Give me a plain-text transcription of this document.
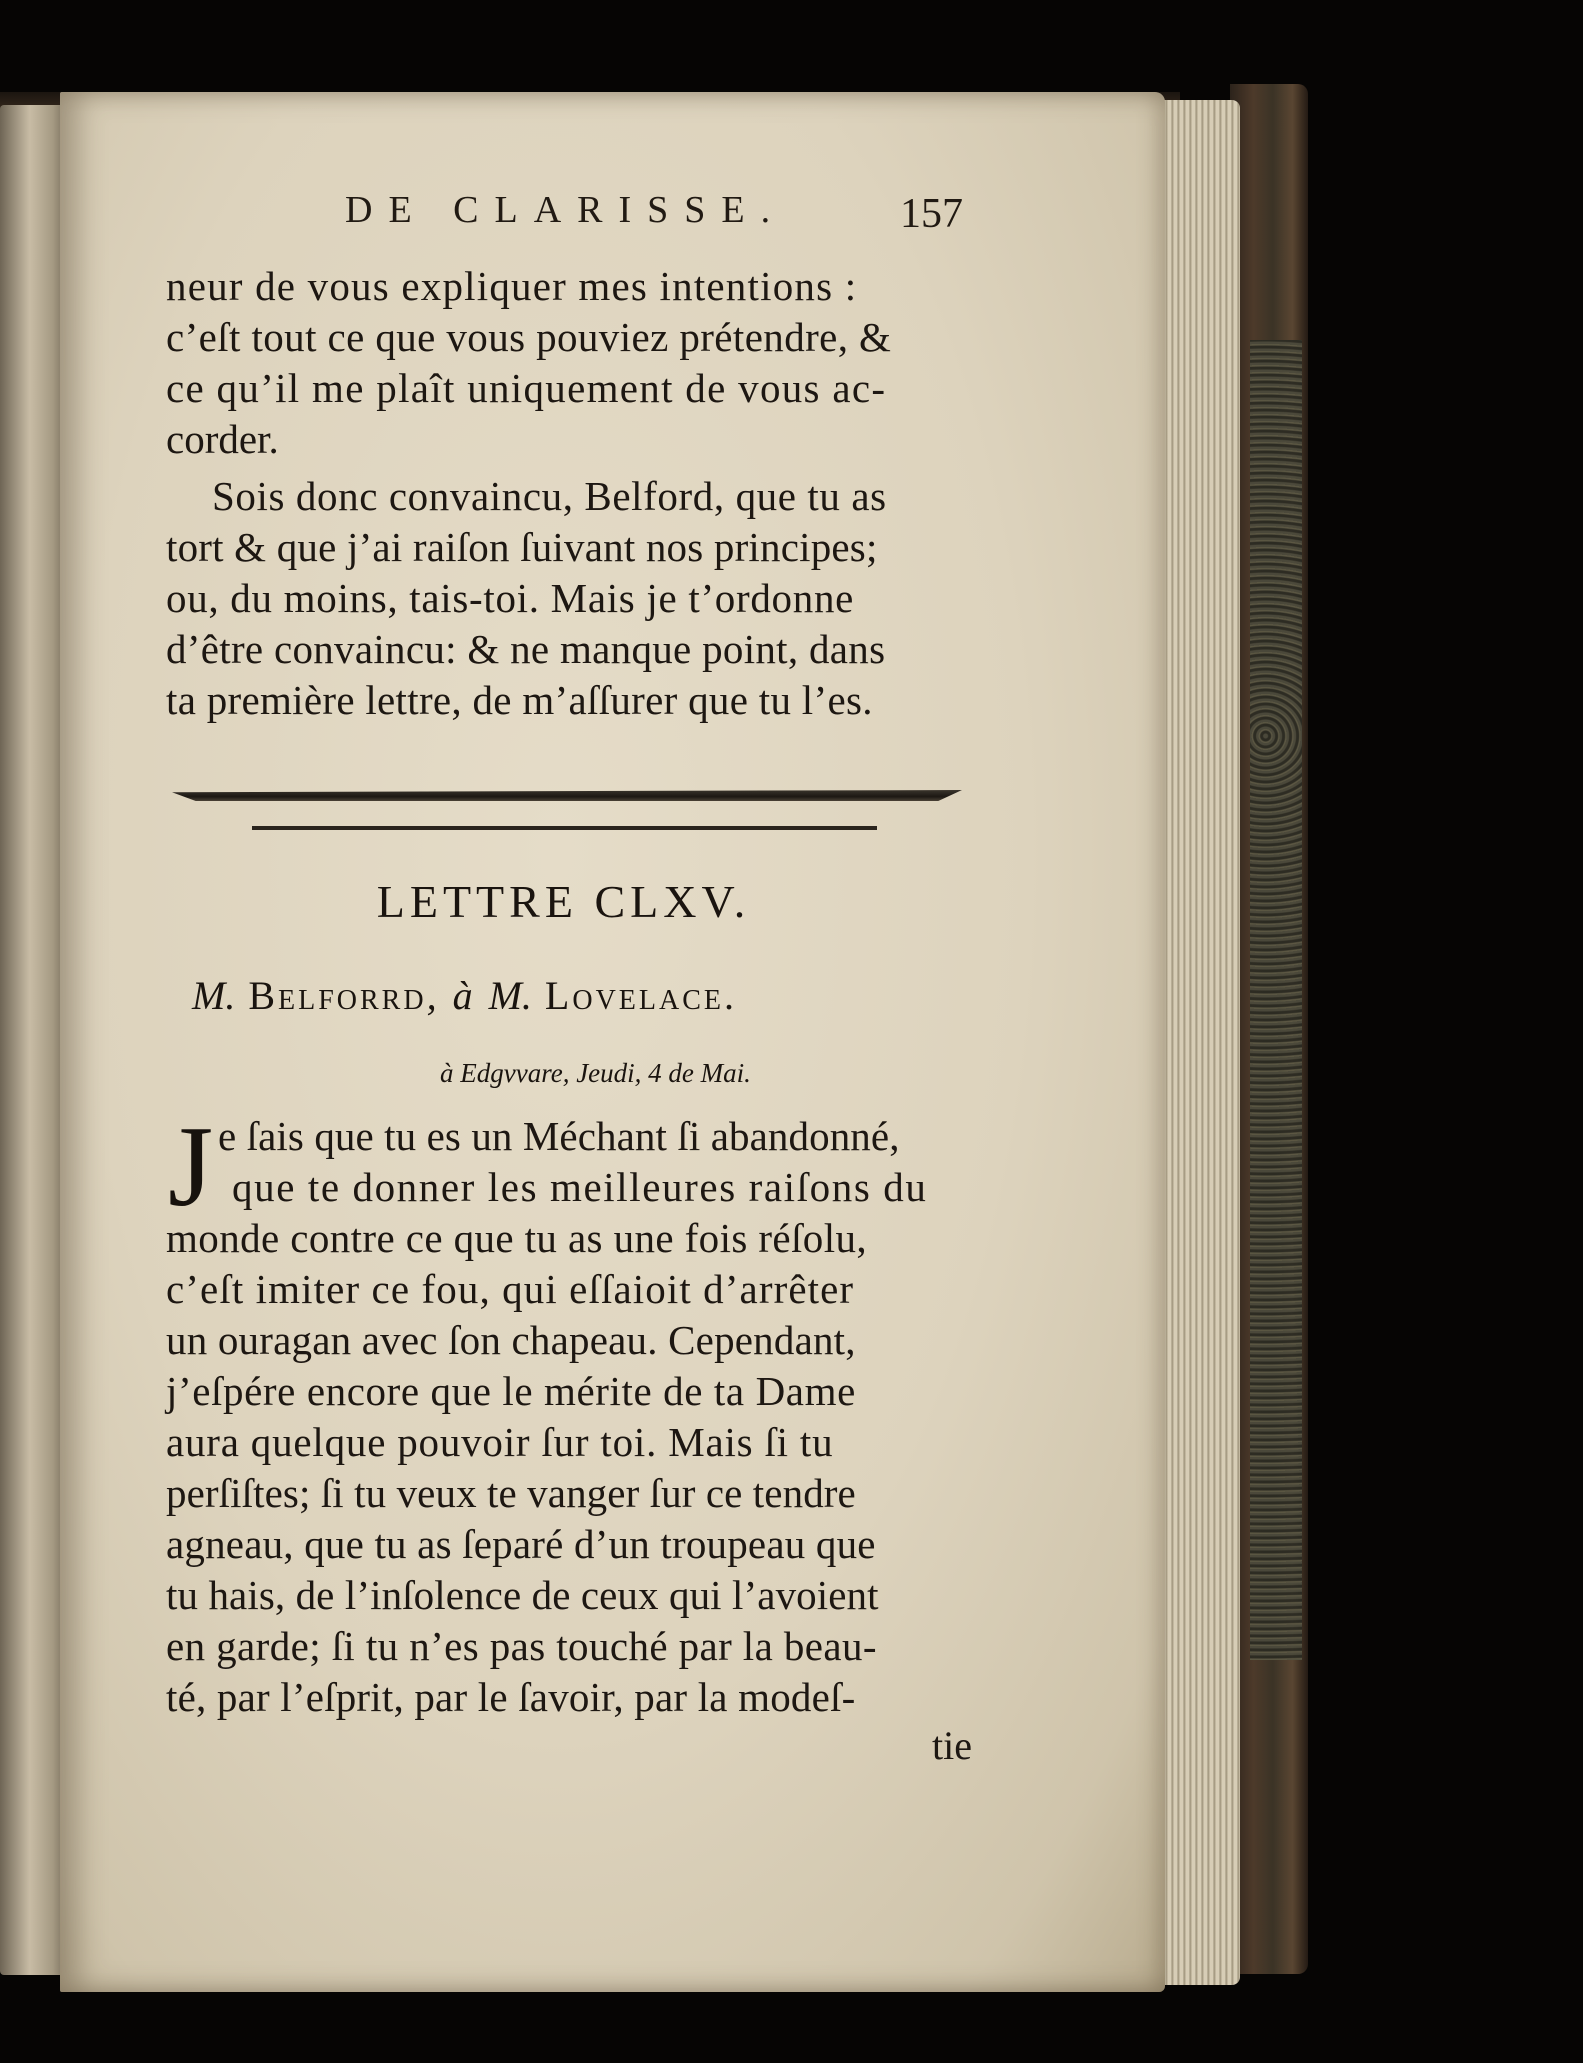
DE CLARISSE.	157
neur de vous expliquer mes intentions :
c’eſt tout ce que vous pouviez prétendre, &
ce qu’il me plaît uniquement de vous ac-
corder.
Sois donc convaincu, Belford, que tu as
tort & que j’ai raiſon ſuivant nos principes;
ou, du moins, tais-toi. Mais je t’ordonne
d’être convaincu: & ne manque point, dans
ta première lettre, de m’aſſurer que tu l’es.
LETTRE CLXV.
M. Belforrd, à M. Lovelace.
à Edgvvare, Jeudi, 4 de Mai.
J e ſais que tu es un Méchant ſi abandonné,
que te donner les meilleures raiſons du
monde contre ce que tu as une fois réſolu,
c’eſt imiter ce fou, qui eſſaioit d’arrêter
un ouragan avec ſon chapeau. Cependant,
j’eſpére encore que le mérite de ta Dame
aura quelque pouvoir ſur toi. Mais ſi tu
perſiſtes; ſi tu veux te vanger ſur ce tendre
agneau, que tu as ſeparé d’un troupeau que
tu hais, de l’inſolence de ceux qui l’avoient
en garde; ſi tu n’es pas touché par la beau-
té, par l’eſprit, par le ſavoir, par la modeſ-
tie
